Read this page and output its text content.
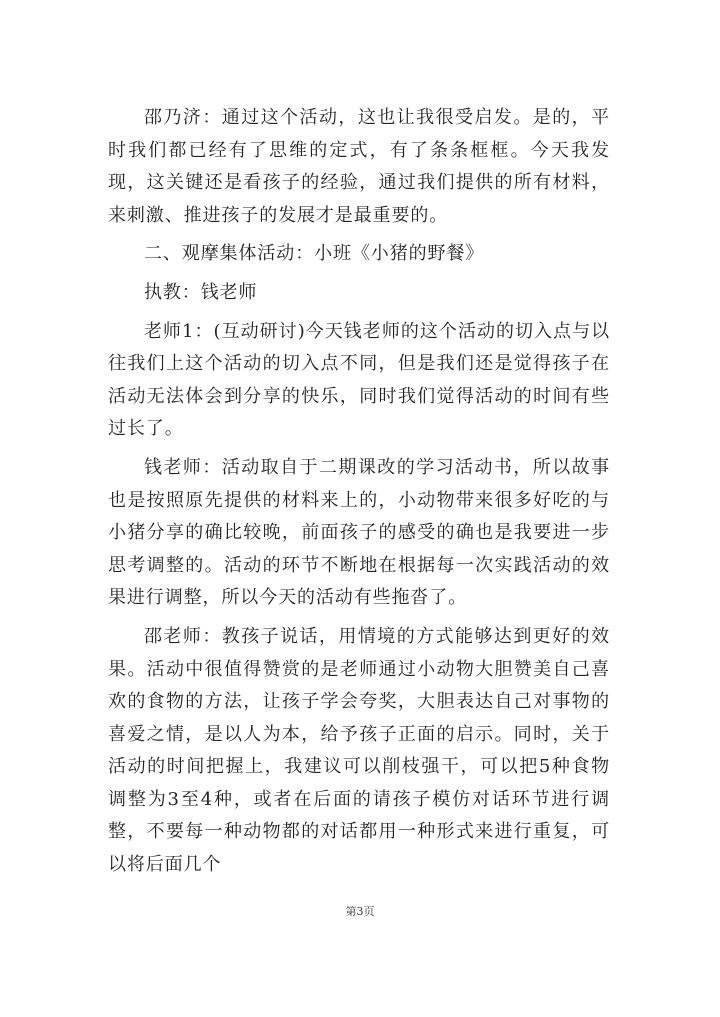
邵乃济：通过这个活动，这也让我很受启发。是的，平时我们都已经有了思维的定式，有了条条框框。今天我发现，这关键还是看孩子的经验，通过我们提供的所有材料，来刺激、推进孩子的发展才是最重要的。

二、观摩集体活动：小班《小猪的野餐》

执教：钱老师

老师1：(互动研讨)今天钱老师的这个活动的切入点与以往我们上这个活动的切入点不同，但是我们还是觉得孩子在活动无法体会到分享的快乐，同时我们觉得活动的时间有些过长了。

钱老师：活动取自于二期课改的学习活动书，所以故事也是按照原先提供的材料来上的，小动物带来很多好吃的与小猪分享的确比较晚，前面孩子的感受的确也是我要进一步思考调整的。活动的环节不断地在根据每一次实践活动的效果进行调整，所以今天的活动有些拖沓了。

邵老师：教孩子说话，用情境的方式能够达到更好的效果。活动中很值得赞赏的是老师通过小动物大胆赞美自己喜欢的食物的方法，让孩子学会夸奖，大胆表达自己对事物的喜爱之情，是以人为本，给予孩子正面的启示。同时，关于活动的时间把握上，我建议可以削枝强干，可以把5种食物调整为3至4种，或者在后面的请孩子模仿对话环节进行调整，不要每一种动物都的对话都用一种形式来进行重复，可以将后面几个

第3页
